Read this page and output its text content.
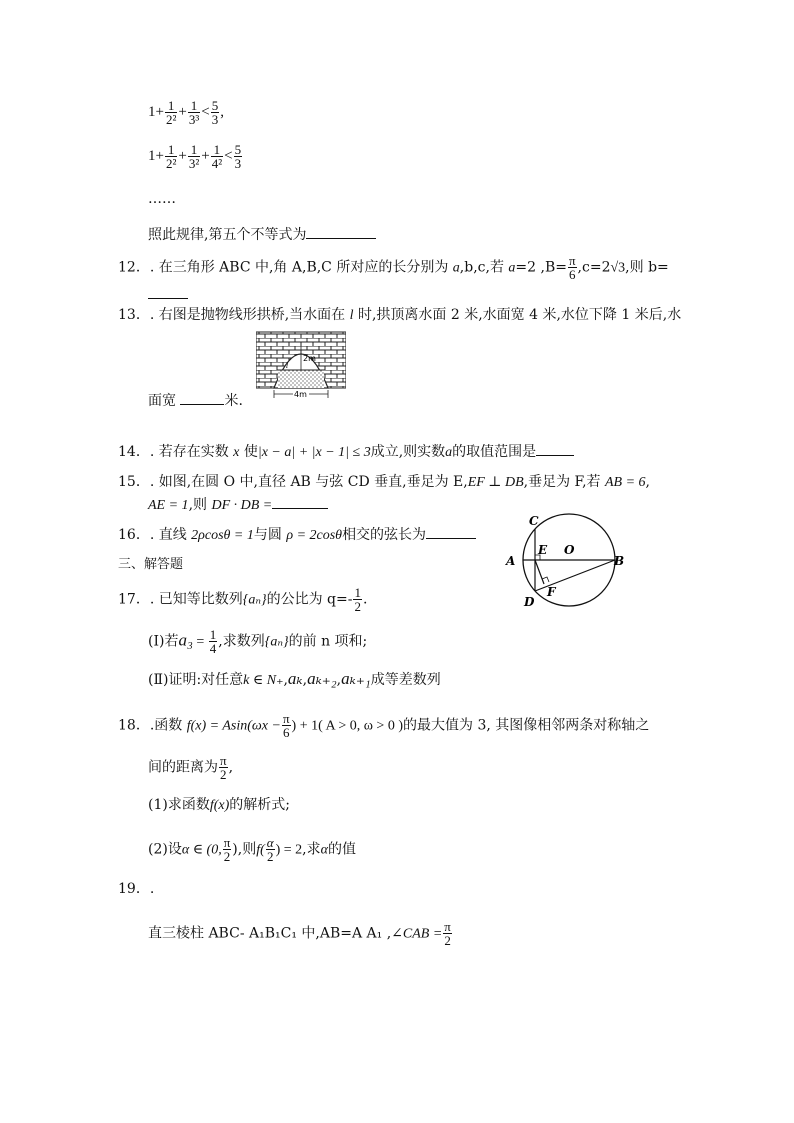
$1+ \frac{1}{\text{2²}} + \frac{1}{\text{3³}} < \frac{5}{3}$ ,
$1+ \frac{1}{\text{2²}} + \frac{1}{\text{3²}} + \frac{1}{\text{4²}} < \frac{5}{3}$
……
照此规律,第五个不等式为
12．. 在三角形 ABC 中,角 A,B,C 所对应的长分别为 a,b,c,若 a=2 $,B= \frac{\pi}{6} ,c=2√3$,则 b=
13．. 右图是抛物线形拱桥,当水面在 l 时,拱顶离水面 2 米,水面宽 4 米,水位下降 1 米后,水
2m
l
4m
面宽	米.
14．. 若存在实数 x 使|x − a| + |x − 1| ≤ 3成立,则实数a的取值范围是
15．. 如图,在圆 O 中,直径 AB 与弦 CD 垂直,垂足为 E,EF ⊥ DB,垂足为 F,若 AB = 6,
AE = 1,则 DF · DB =
16．. 直线 2ρcosθ = 1与圆 ρ = 2cosθ相交的弦长为
C
A
E O
B
D
F
三、解答题
17．. 已知等比数列{aₙ}的公比为 $q=- \frac{1}{2}$ .
(I)若$a_3 = \frac{1}{4}$ ,求数列{aₙ}的前 n 项和;
(Ⅱ)证明:对任意k ∈ N₊,aₖ,aₖ₊₂,aₖ₊₁成等差数列
18．.函数 $f(x) = Asin(\omega x - \frac{\pi}{6}$ ) + 1( A > 0, ω > 0 )的最大值为 3, 其图像相邻两条对称轴之
间的距离为 $\frac{\pi}{2}$ ,
(1)求函数f(x)的解析式;
(2)设α ∈ (0, $\frac{\pi}{2}$ ),则$f( \frac{\alpha}{2}$ ) = 2,求α的值
19．.
直三棱柱 ABC- A₁B₁C₁ 中,AB=A A₁ ,∠CAB = $\frac{\pi}{2}$
